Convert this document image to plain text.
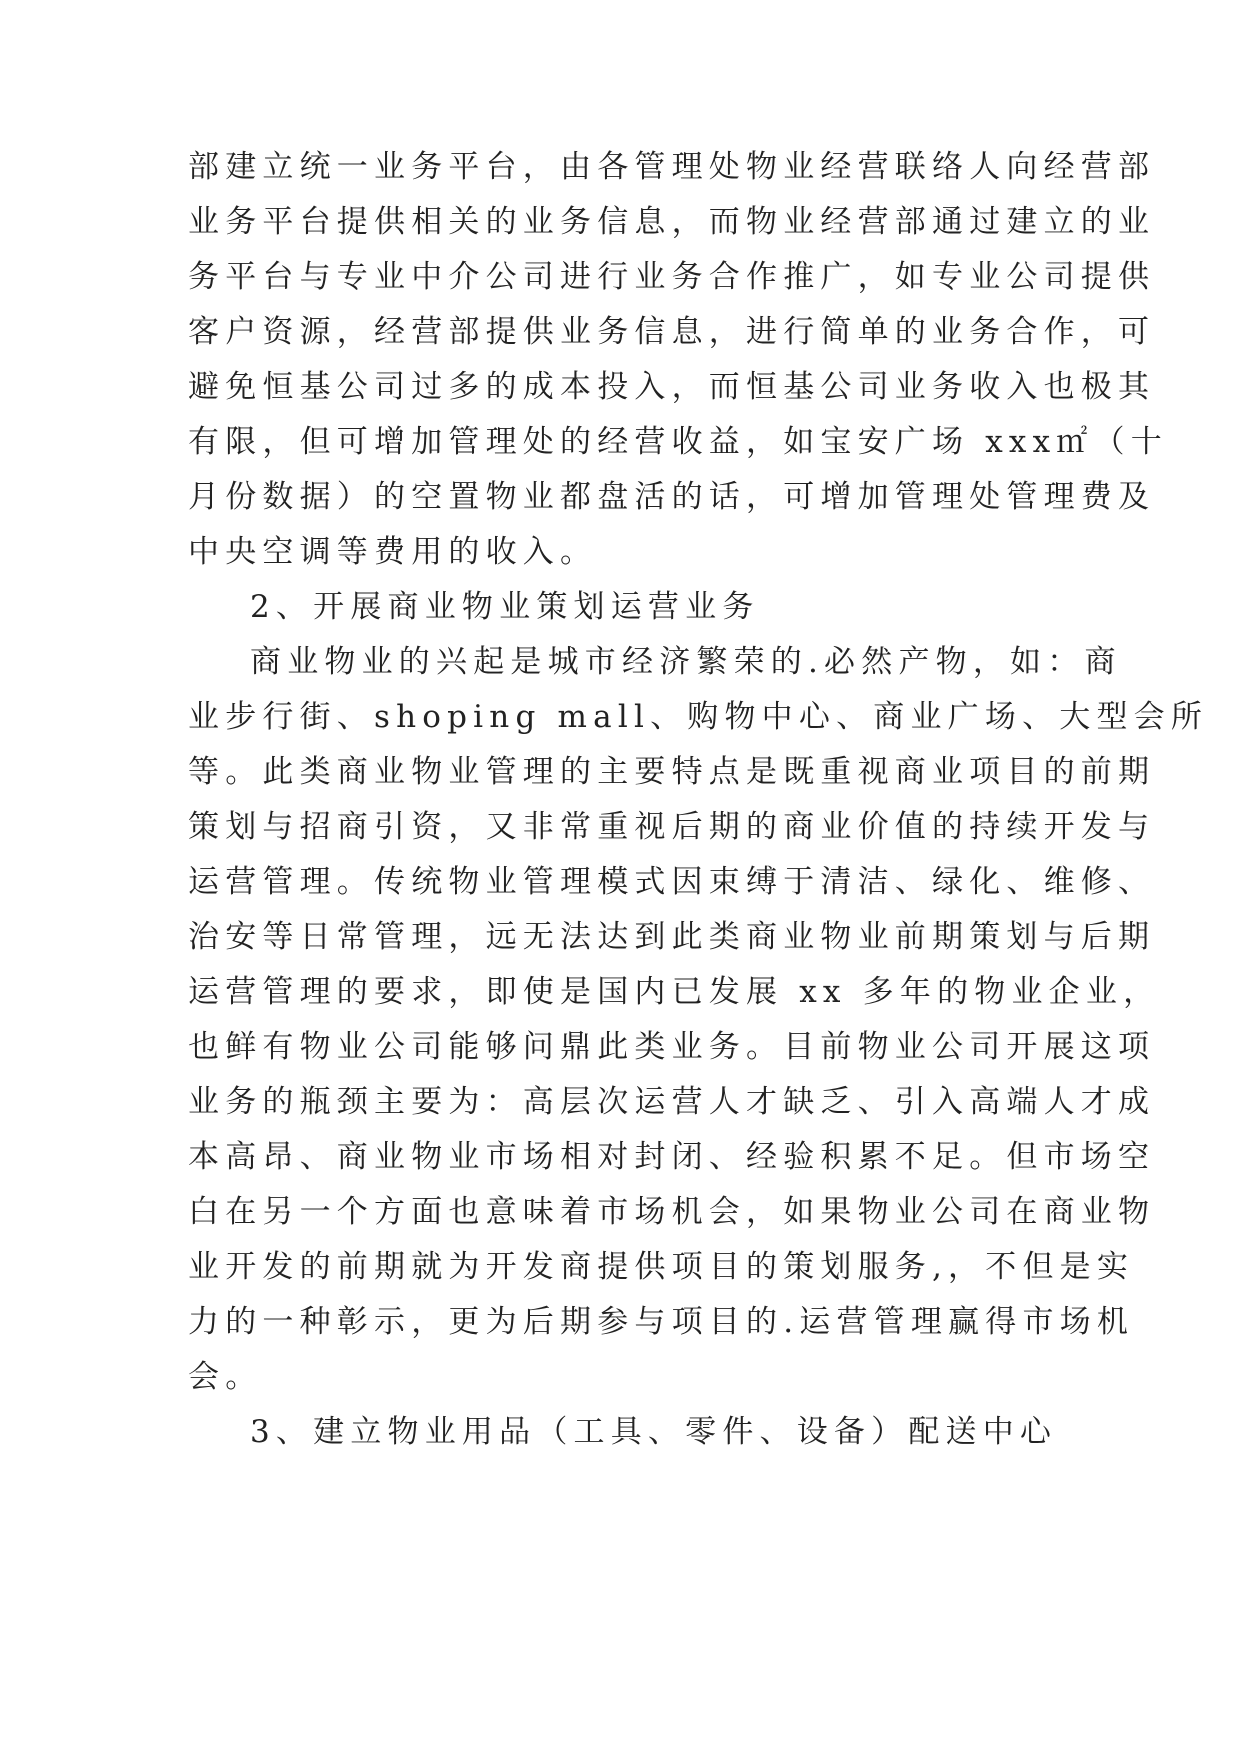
部建立统一业务平台，由各管理处物业经营联络人向经营部
业务平台提供相关的业务信息，而物业经营部通过建立的业
务平台与专业中介公司进行业务合作推广，如专业公司提供
客户资源，经营部提供业务信息，进行简单的业务合作，可
避免恒基公司过多的成本投入，而恒基公司业务收入也极其
有限，但可增加管理处的经营收益，如宝安广场 xxx㎡（十
月份数据）的空置物业都盘活的话，可增加管理处管理费及
中央空调等费用的收入。
2、开展商业物业策划运营业务
商业物业的兴起是城市经济繁荣的.必然产物，如：商
业步行街、shoping mall、购物中心、商业广场、大型会所
等。此类商业物业管理的主要特点是既重视商业项目的前期
策划与招商引资，又非常重视后期的商业价值的持续开发与
运营管理。传统物业管理模式因束缚于清洁、绿化、维修、
治安等日常管理，远无法达到此类商业物业前期策划与后期
运营管理的要求，即使是国内已发展 xx 多年的物业企业，
也鲜有物业公司能够问鼎此类业务。目前物业公司开展这项
业务的瓶颈主要为：高层次运营人才缺乏、引入高端人才成
本高昂、商业物业市场相对封闭、经验积累不足。但市场空
白在另一个方面也意味着市场机会，如果物业公司在商业物
业开发的前期就为开发商提供项目的策划服务,，不但是实
力的一种彰示，更为后期参与项目的.运营管理赢得市场机
会。
3、建立物业用品（工具、零件、设备）配送中心
